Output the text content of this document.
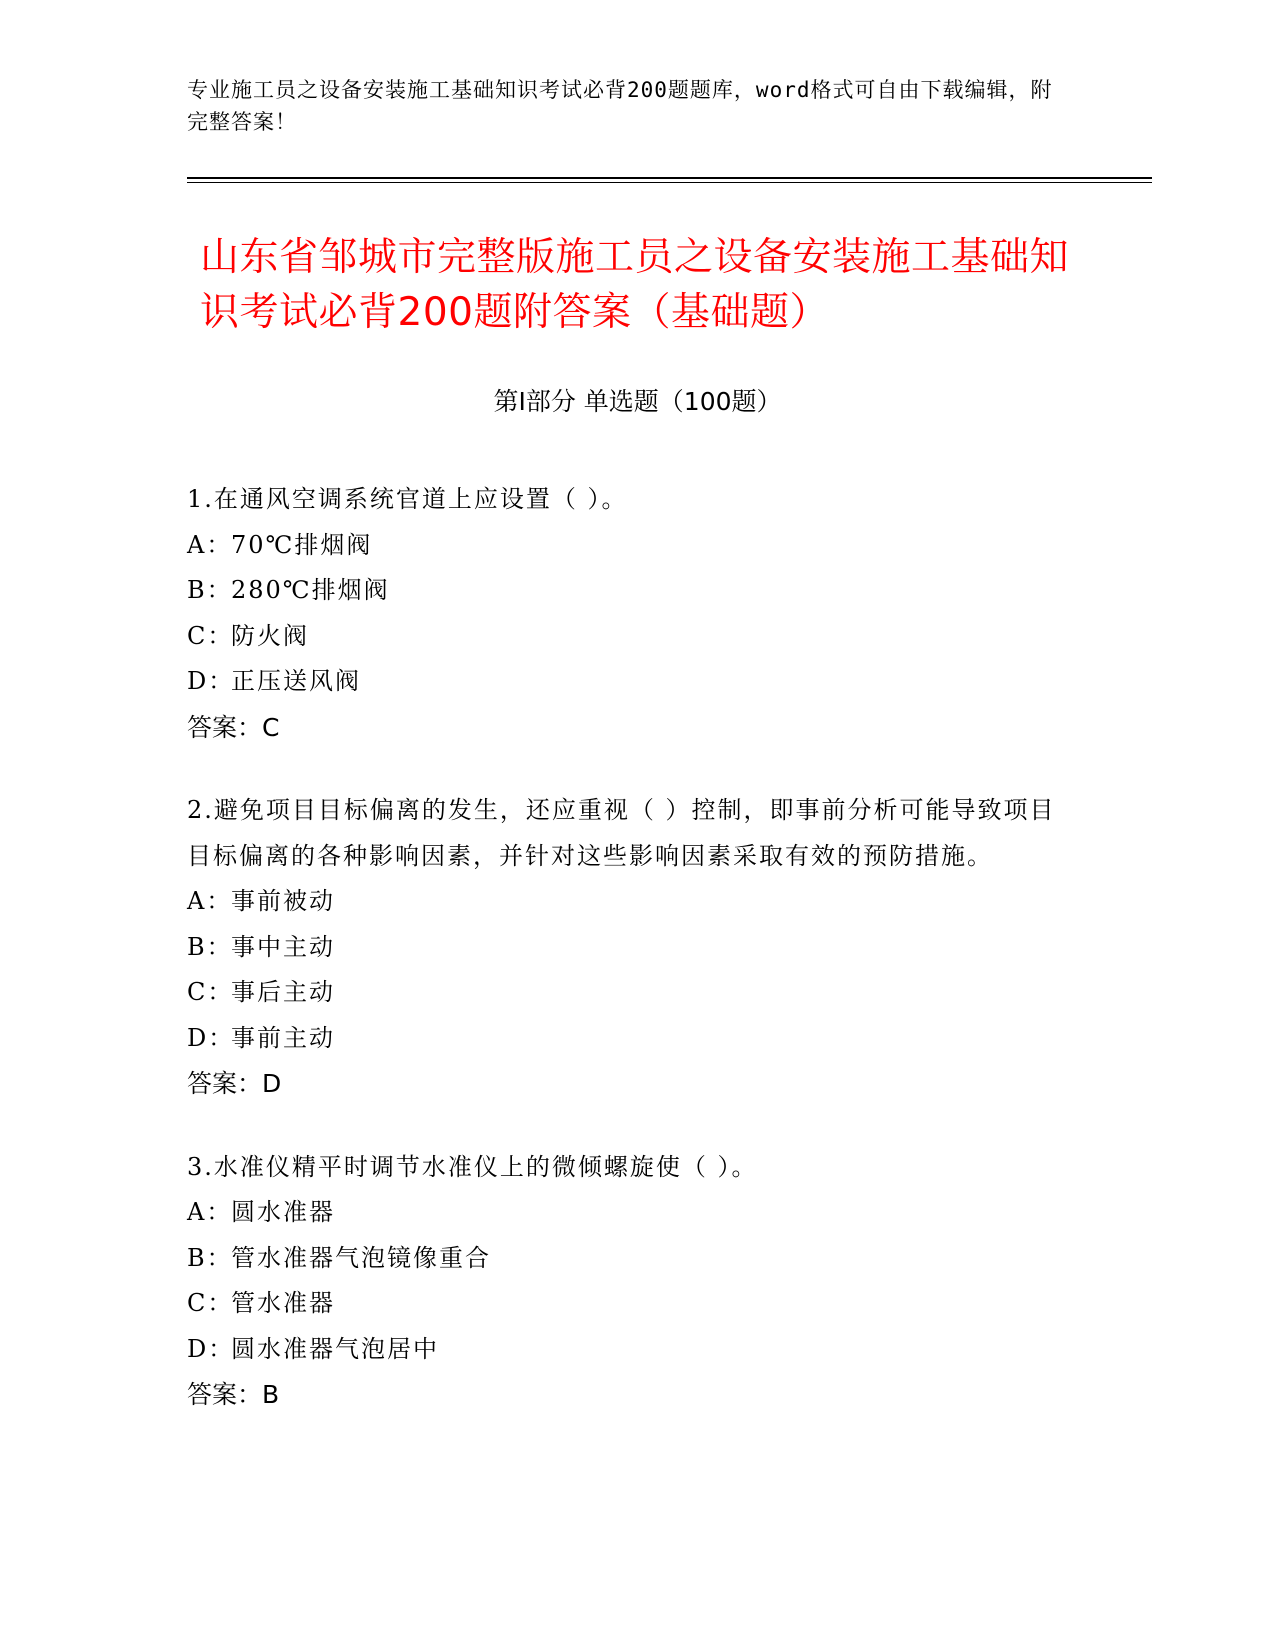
专业施工员之设备安装施工基础知识考试必背200题题库，word格式可自由下载编辑，附完整答案！
山东省邹城市完整版施工员之设备安装施工基础知识考试必背200题附答案（基础题）
第Ⅰ部分 单选题（100题）
1.在通风空调系统官道上应设置（ ）。
A：70℃排烟阀
B：280℃排烟阀
C：防火阀
D：正压送风阀
答案：C
2.避免项目目标偏离的发生，还应重视（ ）控制，即事前分析可能导致项目目标偏离的各种影响因素，并针对这些影响因素采取有效的预防措施。
A：事前被动
B：事中主动
C：事后主动
D：事前主动
答案：D
3.水准仪精平时调节水准仪上的微倾螺旋使（ ）。
A：圆水准器
B：管水准器气泡镜像重合
C：管水准器
D：圆水准器气泡居中
答案：B
